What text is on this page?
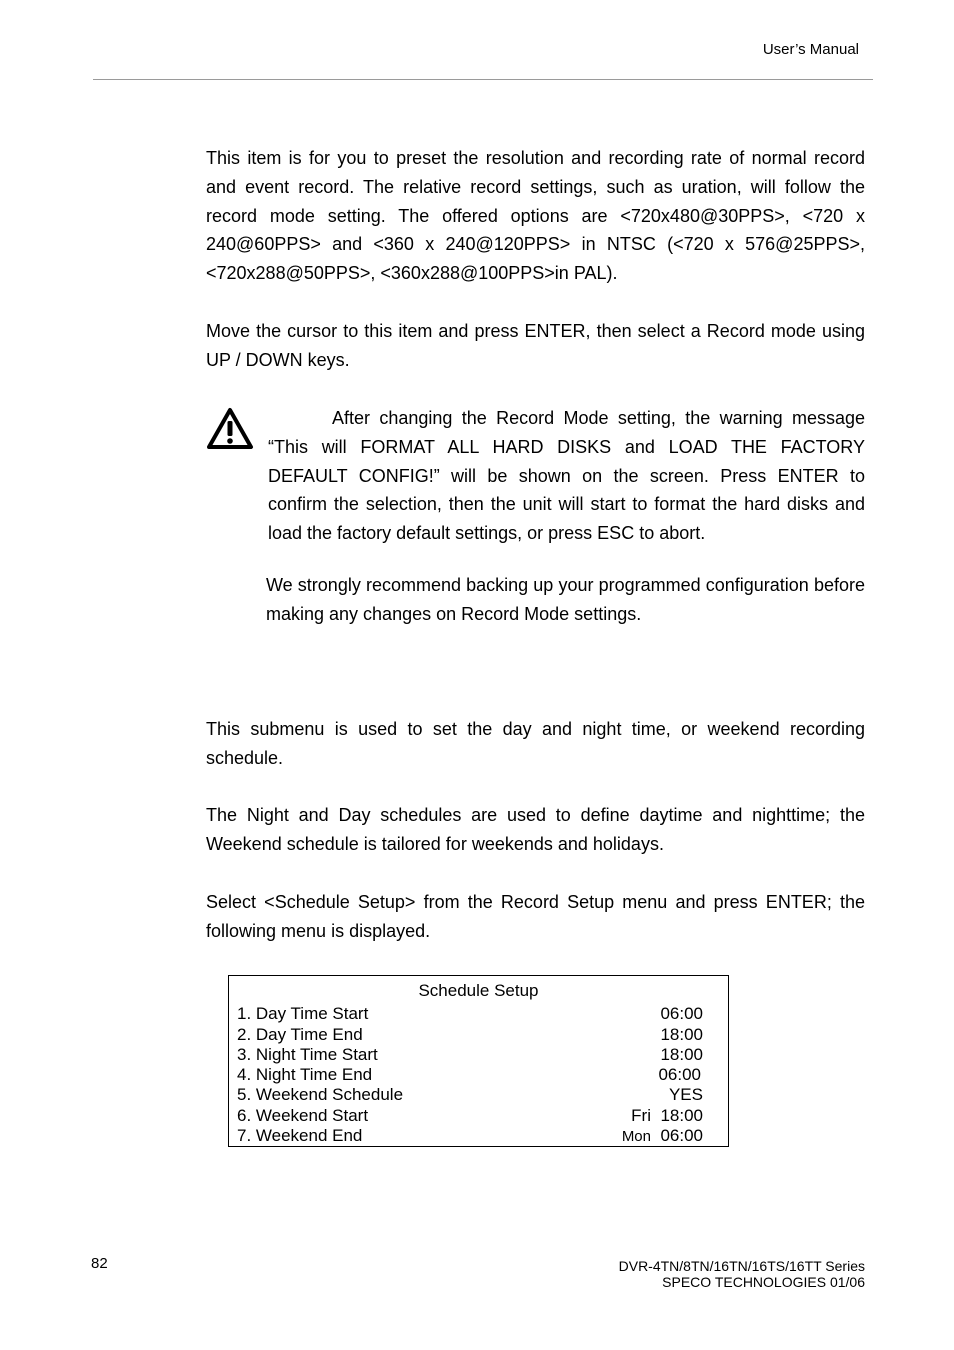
User’s Manual

This item is for you to preset the resolution and recording rate of normal record and event record. The relative record settings, such as uration, will follow the record mode setting. The offered options are <720x480@30PPS>, <720 x 240@60PPS> and <360 x 240@120PPS> in NTSC (<720 x 576@25PPS>, <720x288@50PPS>, <360x288@100PPS>in PAL).

Move the cursor to this item and press ENTER, then select a Record mode using UP / DOWN keys.

After changing the Record Mode setting, the warning message “This will FORMAT ALL HARD DISKS and LOAD THE FACTORY DEFAULT CONFIG!” will be shown on the screen. Press ENTER to confirm the selection, then the unit will start to format the hard disks and load the factory default settings, or press ESC to abort.

We strongly recommend backing up your programmed configuration before making any changes on Record Mode settings.

This submenu is used to set the day and night time, or weekend recording schedule.

The Night and Day schedules are used to define daytime and nighttime; the Weekend schedule is tailored for weekends and holidays.

Select <Schedule Setup> from the Record Setup menu and press ENTER; the following menu is displayed.

Schedule Setup
1. Day Time Start	06:00
2. Day Time End	18:00
3. Night Time Start	18:00
4. Night Time End	06:00
5. Weekend Schedule	YES
6. Weekend Start	Fri 18:00
7. Weekend End	Mon 06:00
82	DVR-4TN/8TN/16TN/16TS/16TT Series
SPECO TECHNOLOGIES 01/06
